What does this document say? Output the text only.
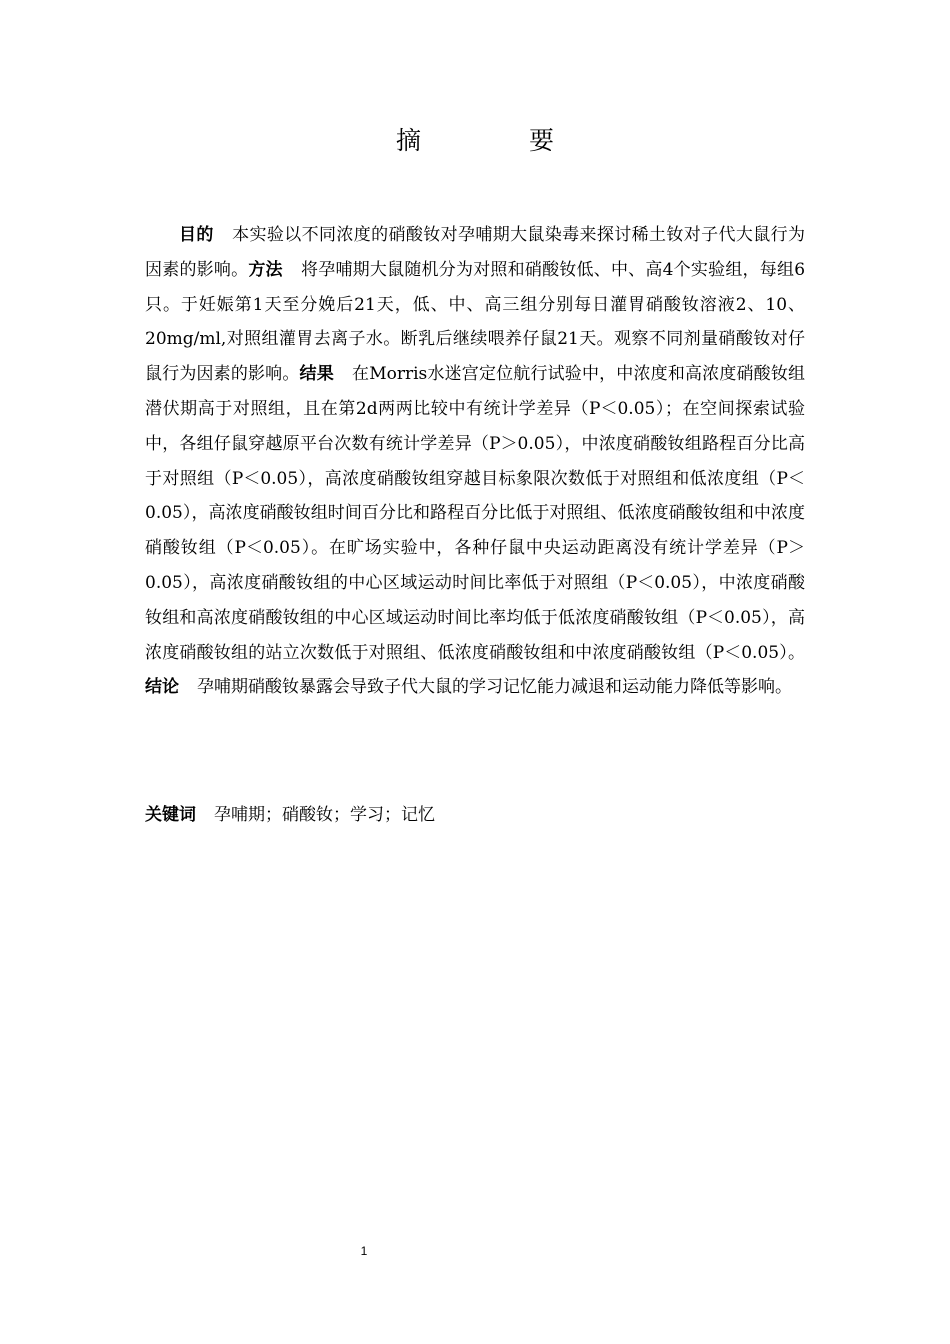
摘 要

目的 本实验以不同浓度的硝酸钕对孕哺期大鼠染毒来探讨稀土钕对子代大鼠行为因素的影响。方法 将孕哺期大鼠随机分为对照和硝酸钕低、中、高4个实验组，每组6只。于妊娠第1天至分娩后21天，低、中、高三组分别每日灌胃硝酸钕溶液2、10、20mg/ml,对照组灌胃去离子水。断乳后继续喂养仔鼠21天。观察不同剂量硝酸钕对仔鼠行为因素的影响。结果 在Morris水迷宫定位航行试验中，中浓度和高浓度硝酸钕组潜伏期高于对照组，且在第2d两两比较中有统计学差异（P＜0.05）；在空间探索试验中，各组仔鼠穿越原平台次数有统计学差异（P＞0.05），中浓度硝酸钕组路程百分比高于对照组（P＜0.05），高浓度硝酸钕组穿越目标象限次数低于对照组和低浓度组（P＜0.05），高浓度硝酸钕组时间百分比和路程百分比低于对照组、低浓度硝酸钕组和中浓度硝酸钕组（P＜0.05）。在旷场实验中，各种仔鼠中央运动距离没有统计学差异（P＞0.05），高浓度硝酸钕组的中心区域运动时间比率低于对照组（P＜0.05），中浓度硝酸钕组和高浓度硝酸钕组的中心区域运动时间比率均低于低浓度硝酸钕组（P＜0.05），高浓度硝酸钕组的站立次数低于对照组、低浓度硝酸钕组和中浓度硝酸钕组（P＜0.05）。结论 孕哺期硝酸钕暴露会导致子代大鼠的学习记忆能力减退和运动能力降低等影响。

关键词 孕哺期；硝酸钕；学习；记忆

1
